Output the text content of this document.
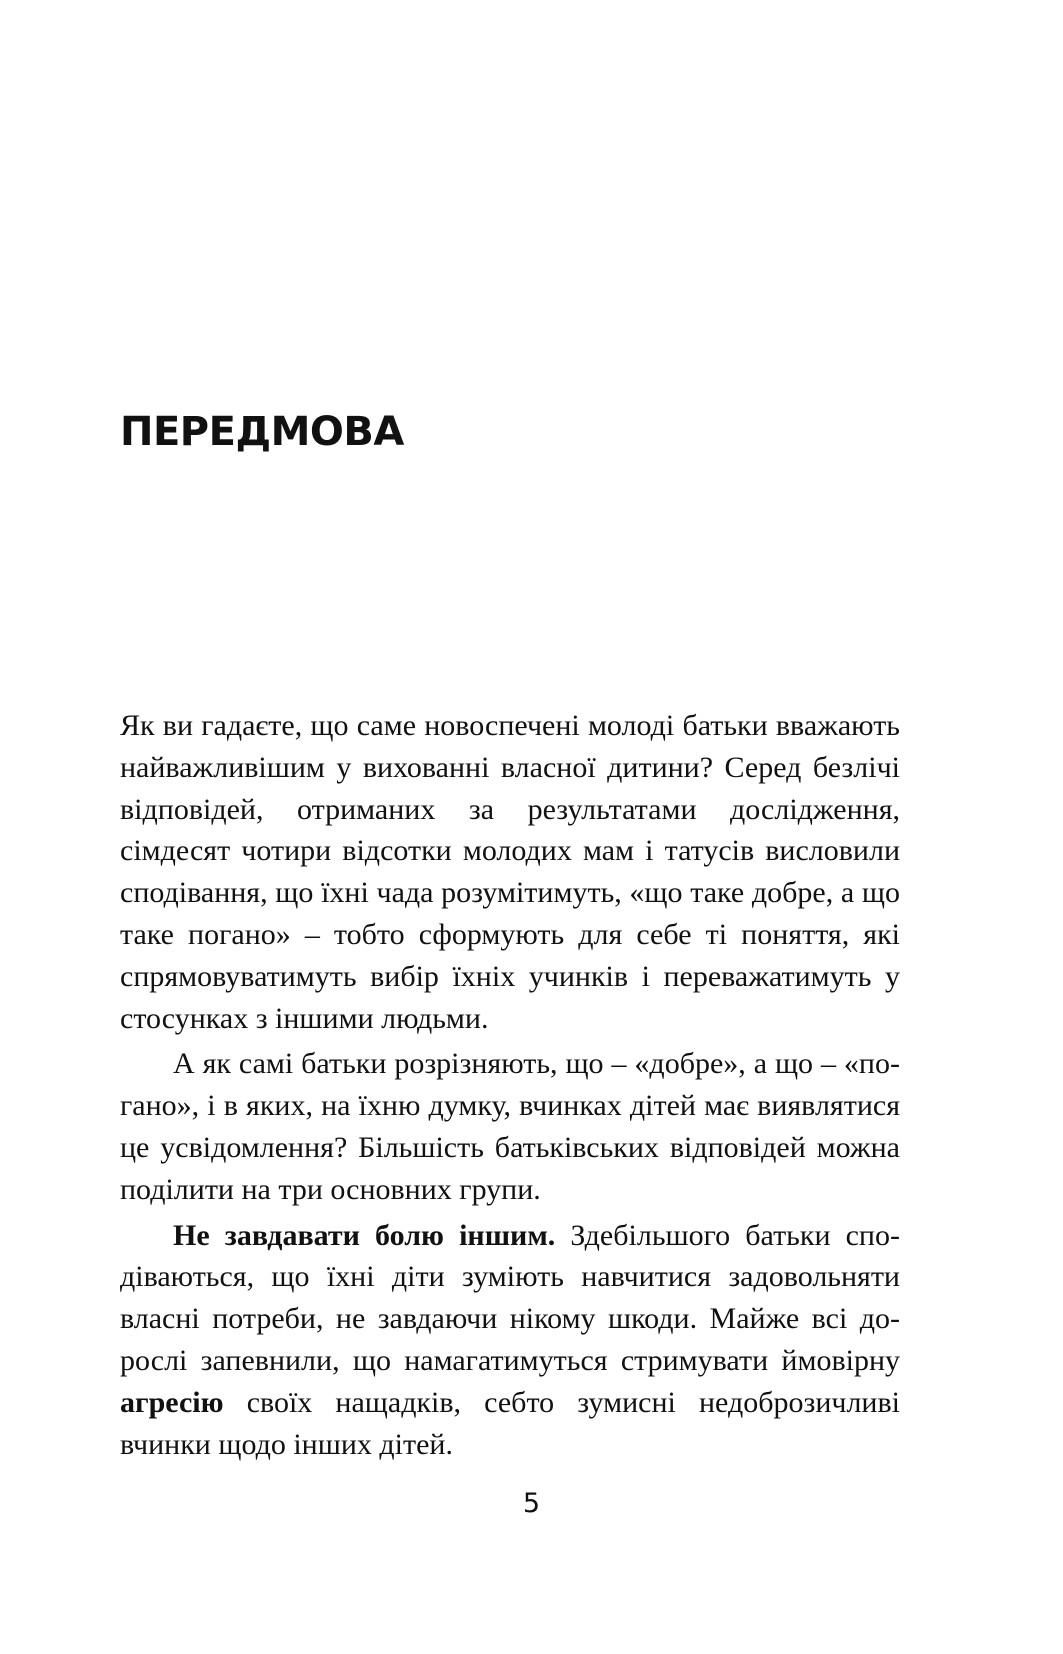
ПЕРЕДМОВА

Як ви гадаєте, що саме новоспечені молоді батьки вважають найважливішим у вихованні власної дитини? Серед безлічі відповідей, отриманих за результатами дослідження, сімдесят чотири відсотки молодих мам і татусів висловили сподівання, що їхні чада розумітимуть, «що таке добре, а що таке погано» – тобто сформують для себе ті поняття, які спрямовуватимуть вибір їхніх учинків і переважатимуть у стосунках з іншими людьми.

А як самі батьки розрізняють, що – «добре», а що – «погано», і в яких, на їхню думку, вчинках дітей має виявлятися це усвідомлення? Більшість батьківських відповідей можна поділити на три основних групи.

Не завдавати болю іншим. Здебільшого батьки сподіваються, що їхні діти зуміють навчитися задовольняти власні потреби, не завдаючи нікому шкоди. Майже всі дорослі запевнили, що намагатимуться стримувати ймовірну агресію своїх нащадків, себто зумисні недоброзичливі вчинки щодо інших дітей.

5
